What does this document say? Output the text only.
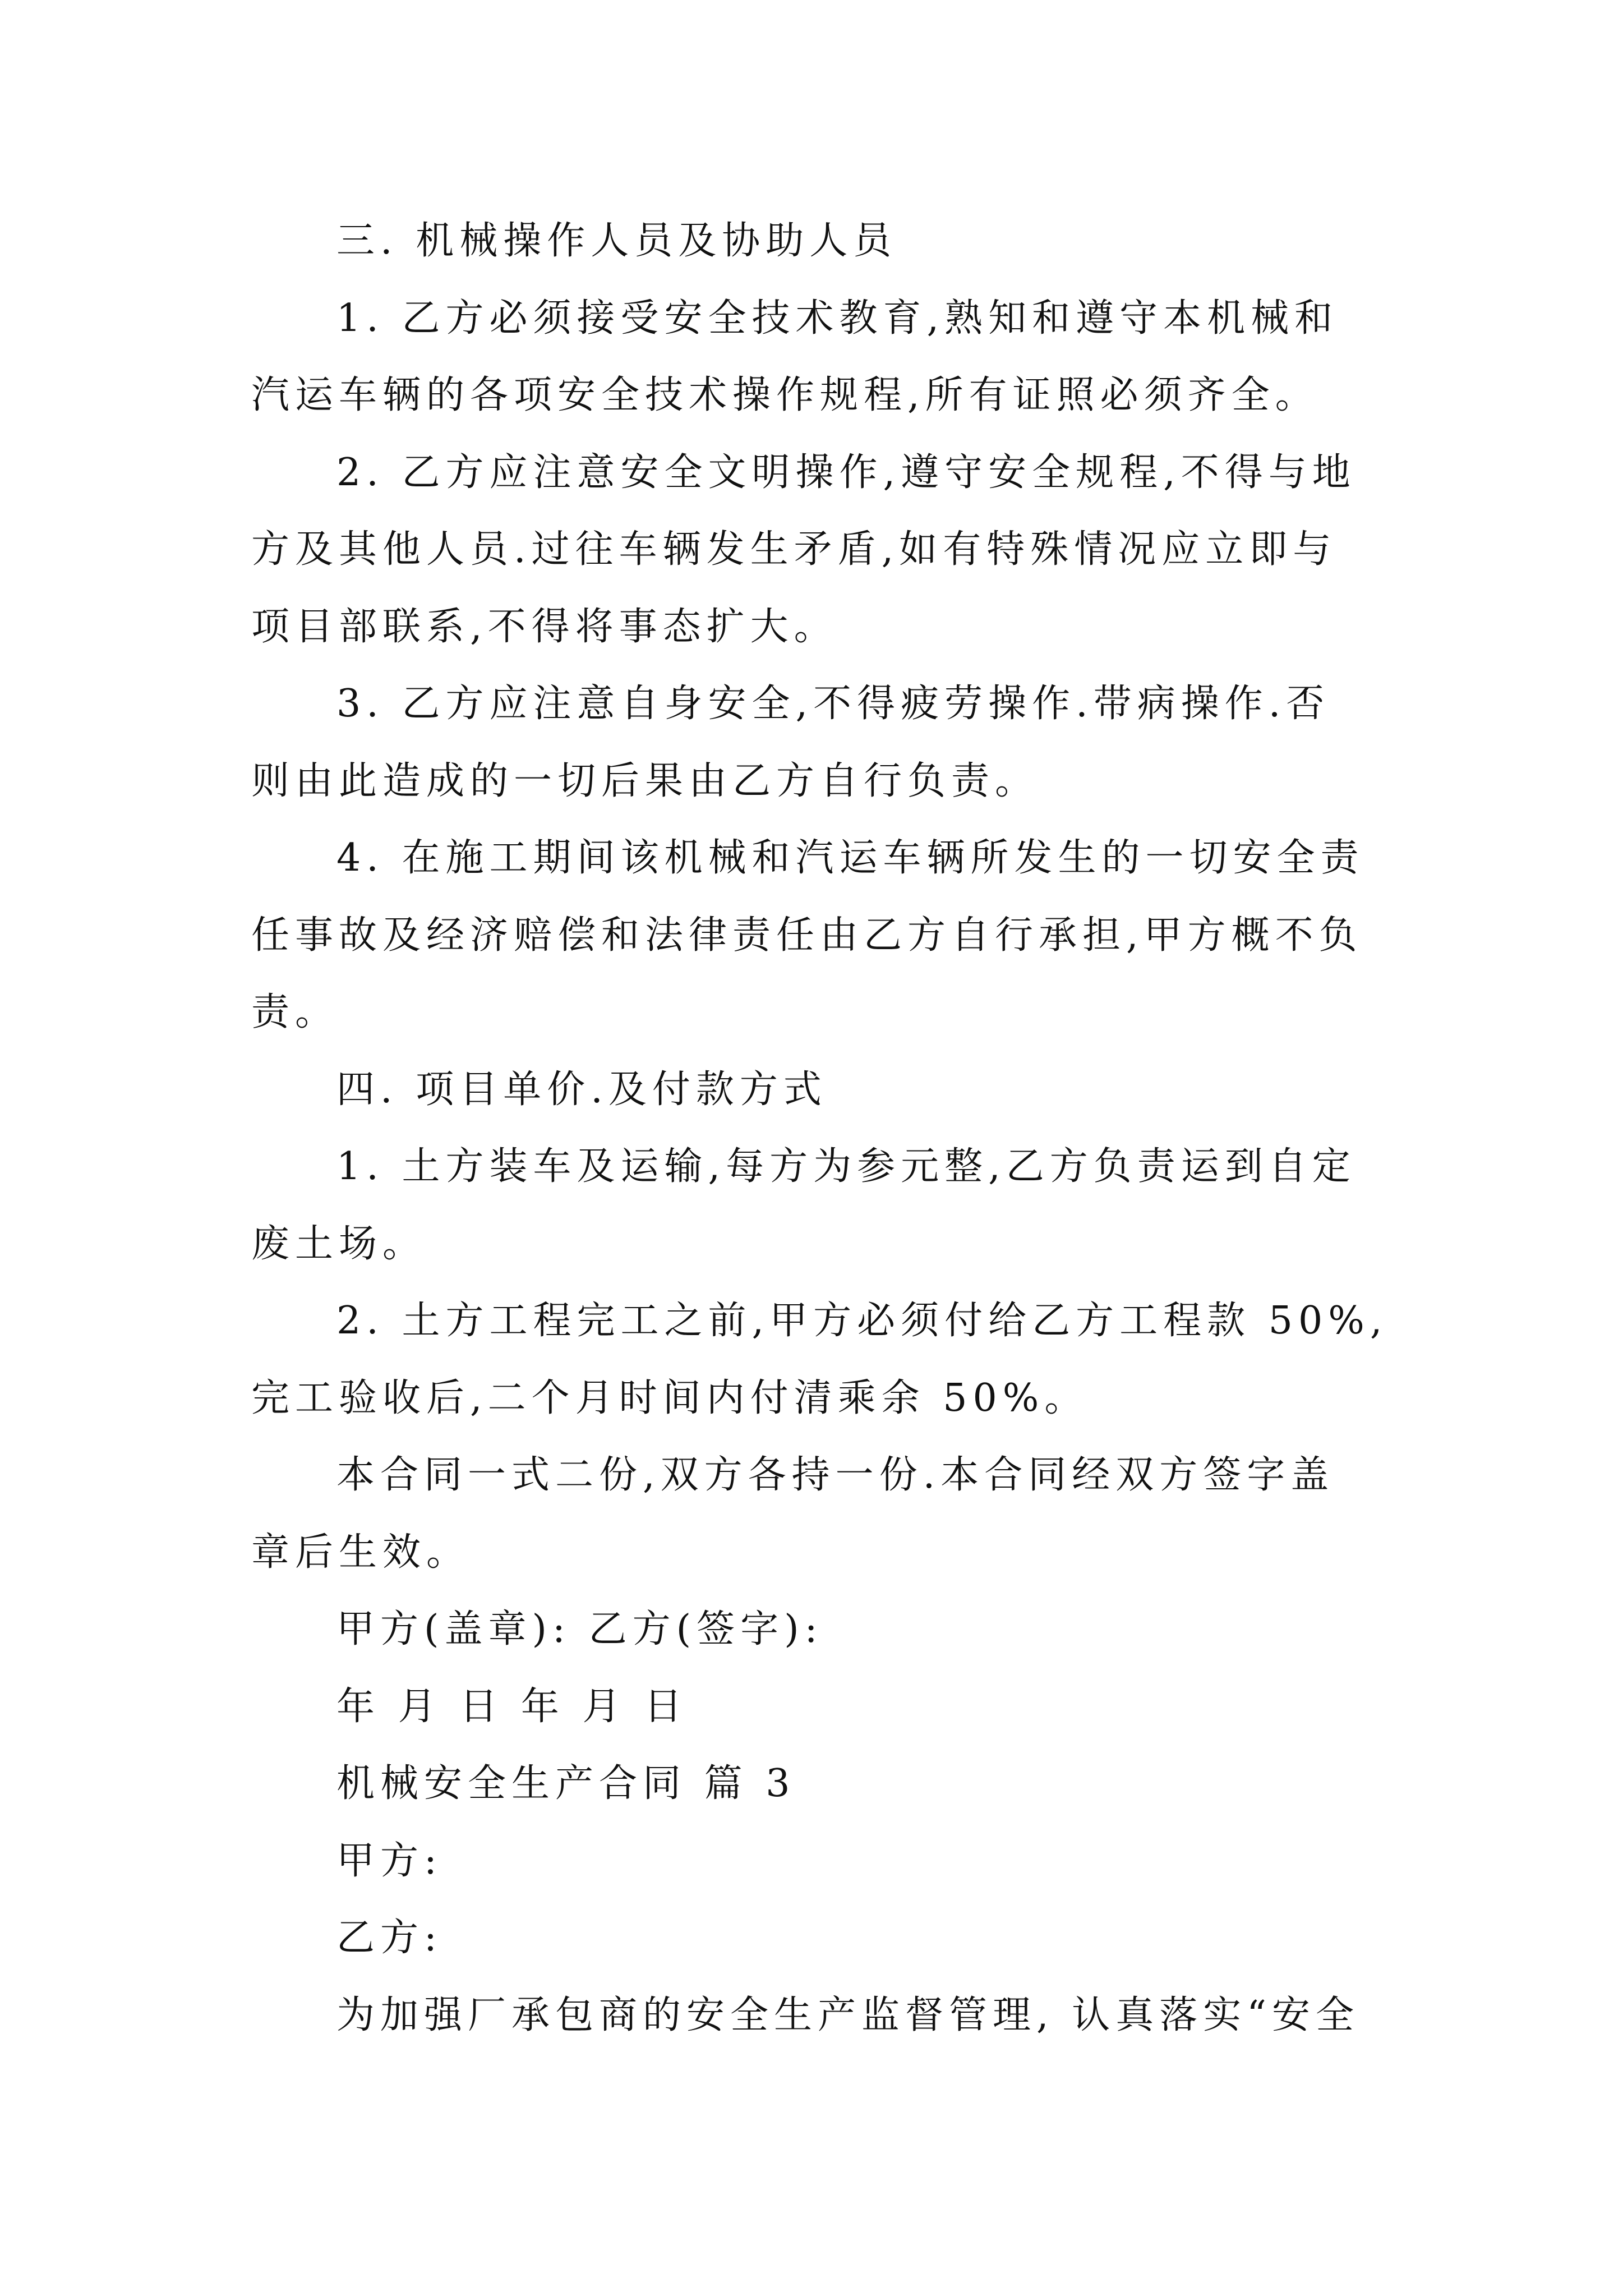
三. 机械操作人员及协助人员
1. 乙方必须接受安全技术教育,熟知和遵守本机械和
汽运车辆的各项安全技术操作规程,所有证照必须齐全。
2. 乙方应注意安全文明操作,遵守安全规程,不得与地
方及其他人员.过往车辆发生矛盾,如有特殊情况应立即与
项目部联系,不得将事态扩大。
3. 乙方应注意自身安全,不得疲劳操作.带病操作.否
则由此造成的一切后果由乙方自行负责。
4. 在施工期间该机械和汽运车辆所发生的一切安全责
任事故及经济赔偿和法律责任由乙方自行承担,甲方概不负
责。
四. 项目单价.及付款方式
1. 土方装车及运输,每方为参元整,乙方负责运到自定
废土场。
2. 土方工程完工之前,甲方必须付给乙方工程款 50%,
完工验收后,二个月时间内付清乘余 50%。
本合同一式二份,双方各持一份.本合同经双方签字盖
章后生效。
甲方(盖章): 乙方(签字):
年 月 日 年 月 日
机械安全生产合同 篇 3
甲方:
乙方:
为加强厂承包商的安全生产监督管理, 认真落实“安全
